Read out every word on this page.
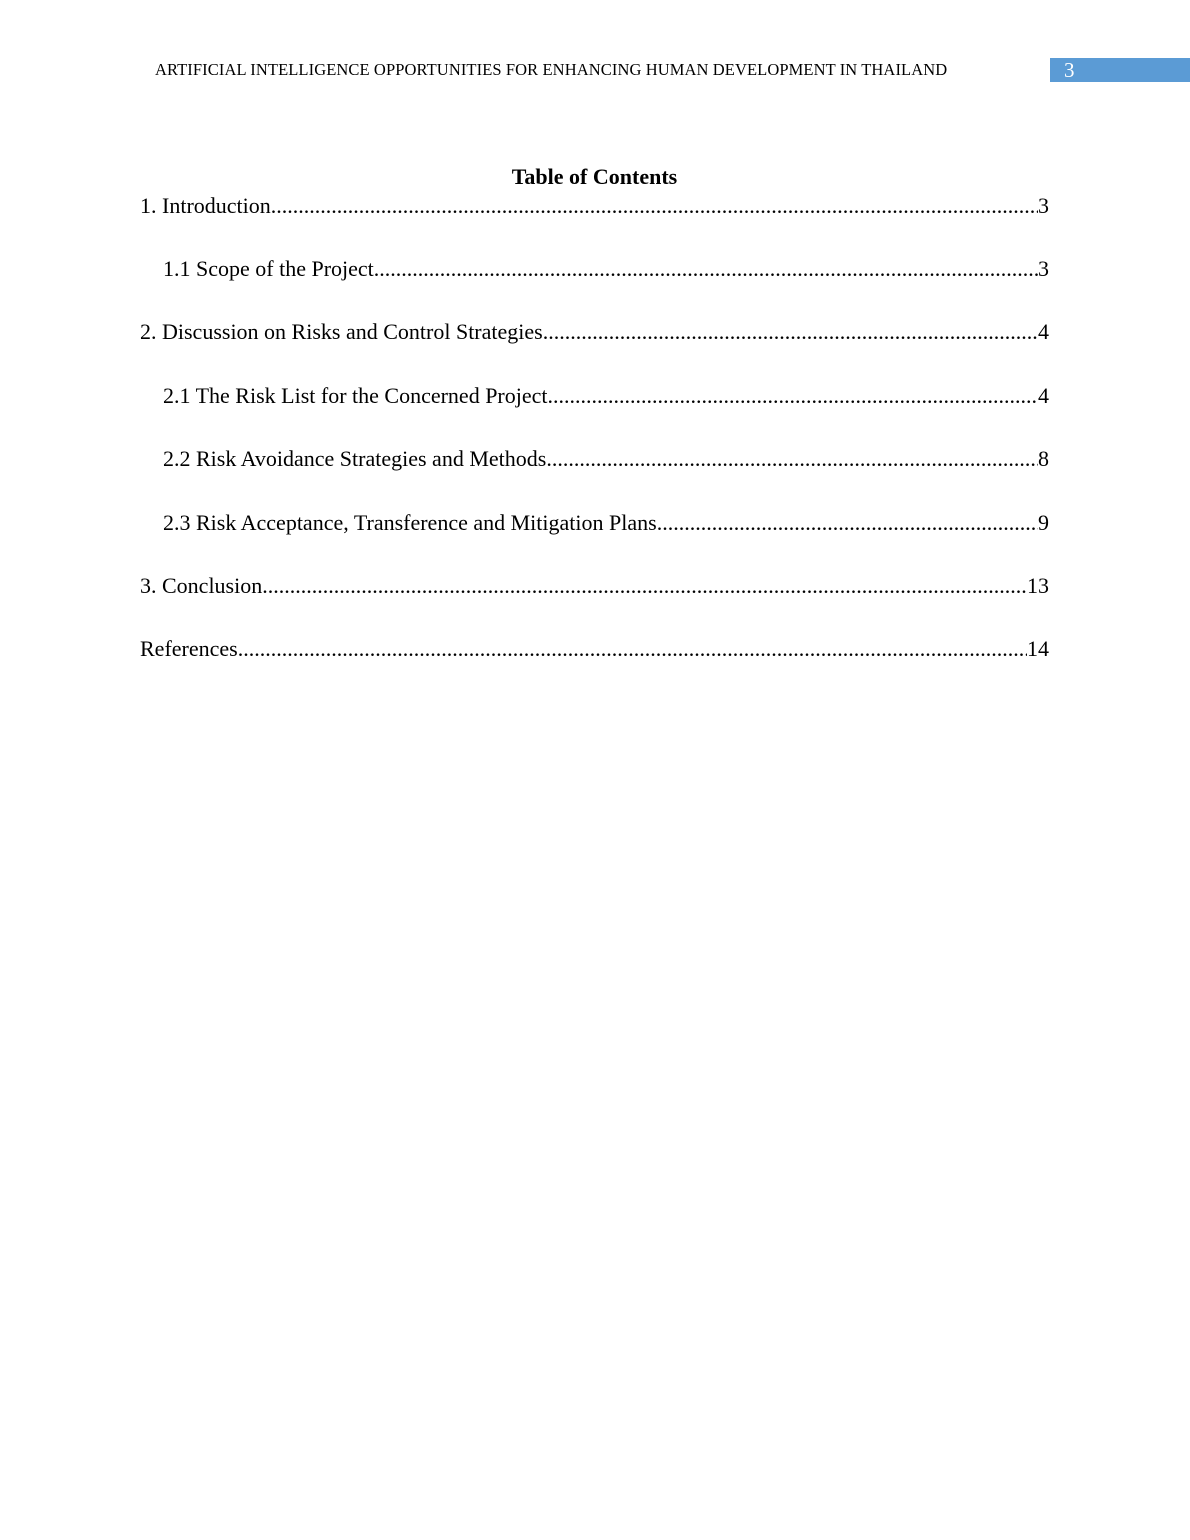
ARTIFICIAL INTELLIGENCE OPPORTUNITIES FOR ENHANCING HUMAN DEVELOPMENT IN THAILAND	3
Table of Contents
1. Introduction .....	3
1.1 Scope of the Project .....	3
2. Discussion on Risks and Control Strategies .....	4
2.1 The Risk List for the Concerned Project .....	4
2.2 Risk Avoidance Strategies and Methods .....	8
2.3 Risk Acceptance, Transference and Mitigation Plans .....	9
3. Conclusion .....	13
References .....	14
